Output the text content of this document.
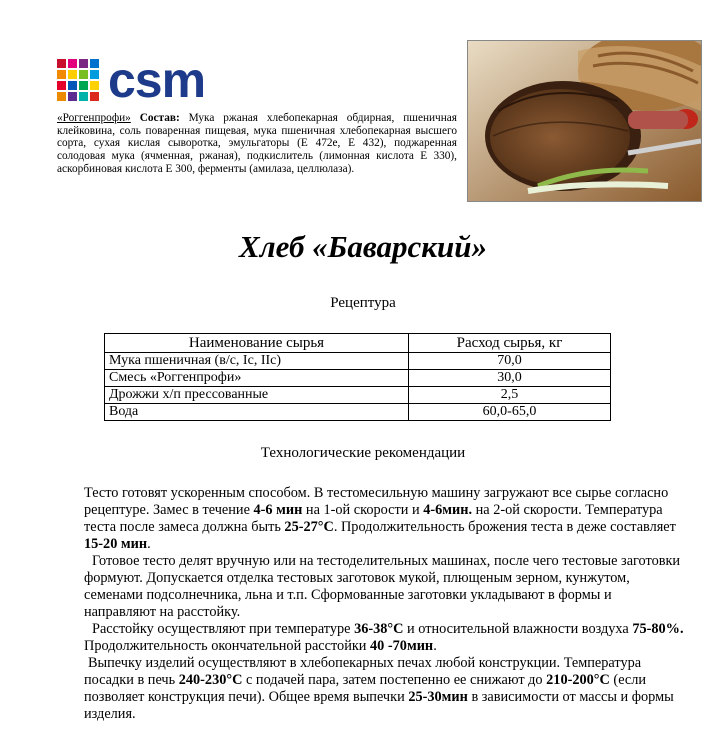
csm
«Роггенпрофи» Состав: Мука ржаная хлебопекарная обдирная, пшеничная клейковина, соль поваренная пищевая, мука пшеничная хлебопекарная высшего сорта, сухая кислая сыворотка, эмульгаторы (Е 472е, Е 432), поджаренная солодовая мука (ячменная, ржаная), подкислитель (лимонная кислота Е 330), аскорбиновая кислота Е 300, ферменты (амилаза, целлюлаза).
Хлеб «Баварский»
Рецептура
Наименование сырья	Расход сырья, кг
Мука пшеничная (в/с, Iс, IIс)	70,0
Смесь «Роггенпрофи»	30,0
Дрожжи х/п прессованные	2,5
Вода	60,0-65,0
Технологические рекомендации

Тесто готовят ускоренным способом. В тестомесильную машину загружают все сырье согласно рецептуре. Замес в течение 4-6 мин на 1-ой скорости и 4-6мин. на 2-ой скорости. Температура теста после замеса должна быть 25-27°С. Продолжительность брожения теста в деже составляет 15-20 мин.

Готовое тесто делят вручную или на тестоделительных машинах, после чего тестовые заготовки формуют. Допускается отделка тестовых заготовок мукой, плющеным зерном, кунжутом, семенами подсолнечника, льна и т.п. Сформованные заготовки укладывают в формы и направляют на расстойку.

Расстойку осуществляют при температуре 36-38°С и относительной влажности воздуха 75-80%. Продолжительность окончательной расстойки 40 -70мин.

Выпечку изделий осуществляют в хлебопекарных печах любой конструкции. Температура посадки в печь 240-230°С с подачей пара, затем постепенно ее снижают до 210-200°С (если позволяет конструкция печи). Общее время выпечки 25-30мин в зависимости от массы и формы изделия.
